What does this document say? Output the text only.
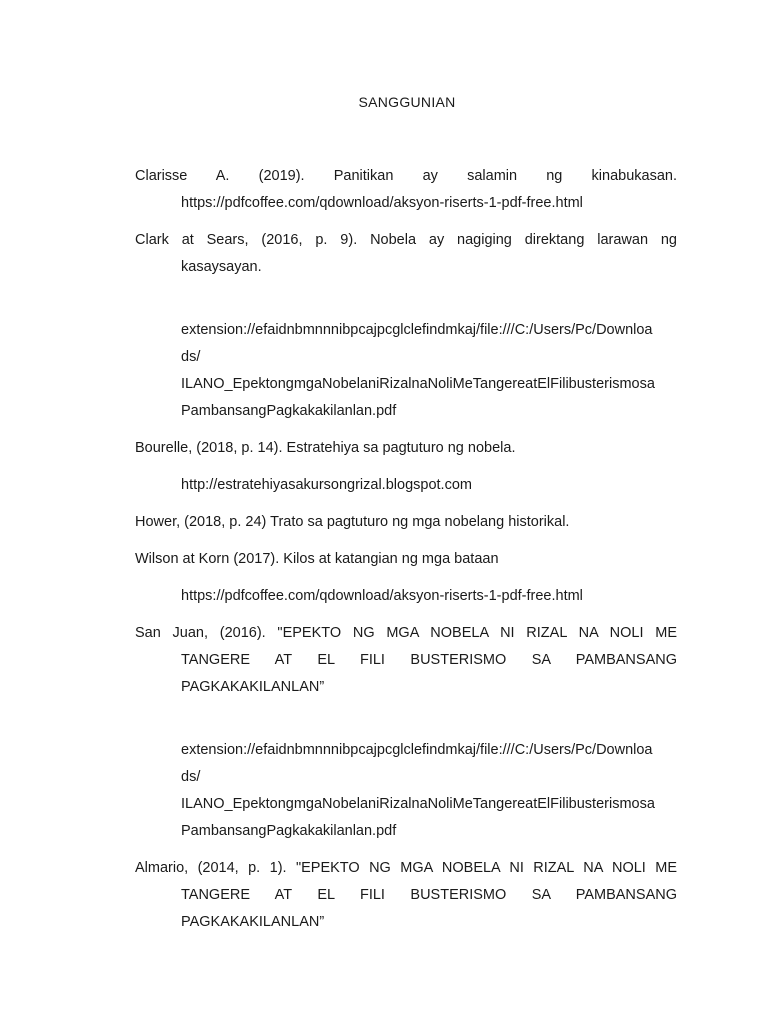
SANGGUNIAN
Clarisse A. (2019). Panitikan ay salamin ng kinabukasan.
https://pdfcoffee.com/qdownload/aksyon-riserts-1-pdf-free.html
Clark at Sears, (2016, p. 9). Nobela ay nagiging direktang larawan ng
kasaysayan.
extension://efaidnbmnnnibpcajpcglclefindmkaj/file:///C:/Users/Pc/Downloa
ds/
ILANO_EpektongmgaNobelaniRizalnaNoliMeTangereatElFilibusterismosa
PambansangPagkakakilanlan.pdf
Bourelle, (2018, p. 14). Estratehiya sa pagtuturo ng nobela.
http://estratehiyasakursongrizal.blogspot.com
Hower, (2018, p. 24) Trato sa pagtuturo ng mga nobelang historikal.
Wilson at Korn (2017). Kilos at katangian ng mga bataan
https://pdfcoffee.com/qdownload/aksyon-riserts-1-pdf-free.html
San Juan, (2016). "EPEKTO NG MGA NOBELA NI RIZAL NA NOLI ME
TANGERE AT EL FILI BUSTERISMO SA PAMBANSANG
PAGKAKAKILANLAN”
extension://efaidnbmnnnibpcajpcglclefindmkaj/file:///C:/Users/Pc/Downloa
ds/
ILANO_EpektongmgaNobelaniRizalnaNoliMeTangereatElFilibusterismosa
PambansangPagkakakilanlan.pdf
Almario, (2014, p. 1). "EPEKTO NG MGA NOBELA NI RIZAL NA NOLI ME
TANGERE AT EL FILI BUSTERISMO SA PAMBANSANG
PAGKAKAKILANLAN”
